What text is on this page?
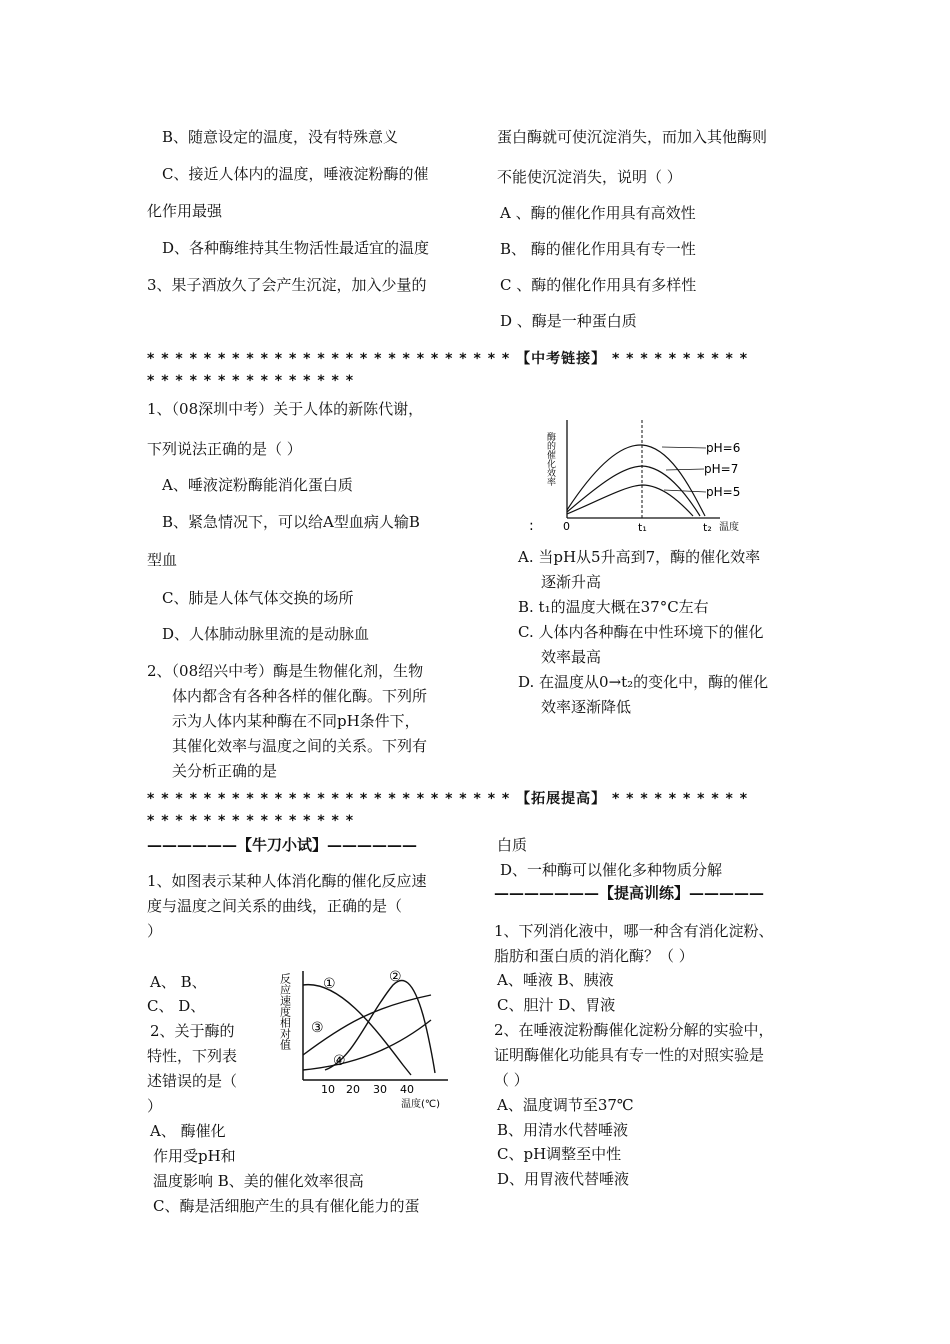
B、随意设定的温度，没有特殊意义
C、接近人体内的温度，唾液淀粉酶的催
化作用最强
D、各种酶维持其生物活性最适宜的温度
3、果子酒放久了会产生沉淀，加入少量的
蛋白酶就可使沉淀消失，而加入其他酶则
不能使沉淀消失，说明（ ）
A 、酶的催化作用具有高效性
B、 酶的催化作用具有专一性
C 、酶的催化作用具有多样性
D 、酶是一种蛋白质
* * * * * * * * * * * * * * * * * * * * * * * * * * 【中考链接】 * * * * * * * * * *
* * * * * * * * * * * * * * *
1、（08深圳中考）关于人体的新陈代谢，
下列说法正确的是（ ）
A、唾液淀粉酶能消化蛋白质
B、紧急情况下，可以给A型血病人输B
型血
C、肺是人体气体交换的场所
D、人体肺动脉里流的是动脉血
2、（08绍兴中考）酶是生物催化剂，生物
体内都含有各种各样的催化酶。下列所
示为人体内某种酶在不同pH条件下，
其催化效率与温度之间的关系。下列有
关分析正确的是
:
酶的催化效率	pH=6
pH=7
pH=5
0	t₁	t₂ 温度
A. 当pH从5升高到7，酶的催化效率
逐渐升高
B. t₁的温度大概在37°C左右
C. 人体内各种酶在中性环境下的催化
效率最高
D. 在温度从0→t₂的变化中，酶的催化
效率逐渐降低
* * * * * * * * * * * * * * * * * * * * * * * * * * 【拓展提高】 * * * * * * * * * *
* * * * * * * * * * * * * * *
——————【牛刀小试】——————
1、如图表示某种人体消化酶的催化反应速
度与温度之间关系的曲线，正确的是（
）
A、 B、
C、 D、
2、关于酶的
特性，下列表
述错误的是（
）
A、 酶催化
作用受pH和
温度影响 B、美的催化效率很高
C、酶是活细胞产生的具有催化能力的蛋
反应速度相对值 ①	②
③
④
10 20 30 40
温度(℃)
白质
D、一种酶可以催化多种物质分解
———————【提高训练】—————
1、下列消化液中，哪一种含有消化淀粉、
脂肪和蛋白质的消化酶？（ ）
A、唾液 B、胰液
C、胆汁 D、胃液
2、在唾液淀粉酶催化淀粉分解的实验中，
证明酶催化功能具有专一性的对照实验是
（ ）
A、温度调节至37℃
B、用清水代替唾液
C、pH调整至中性
D、用胃液代替唾液
